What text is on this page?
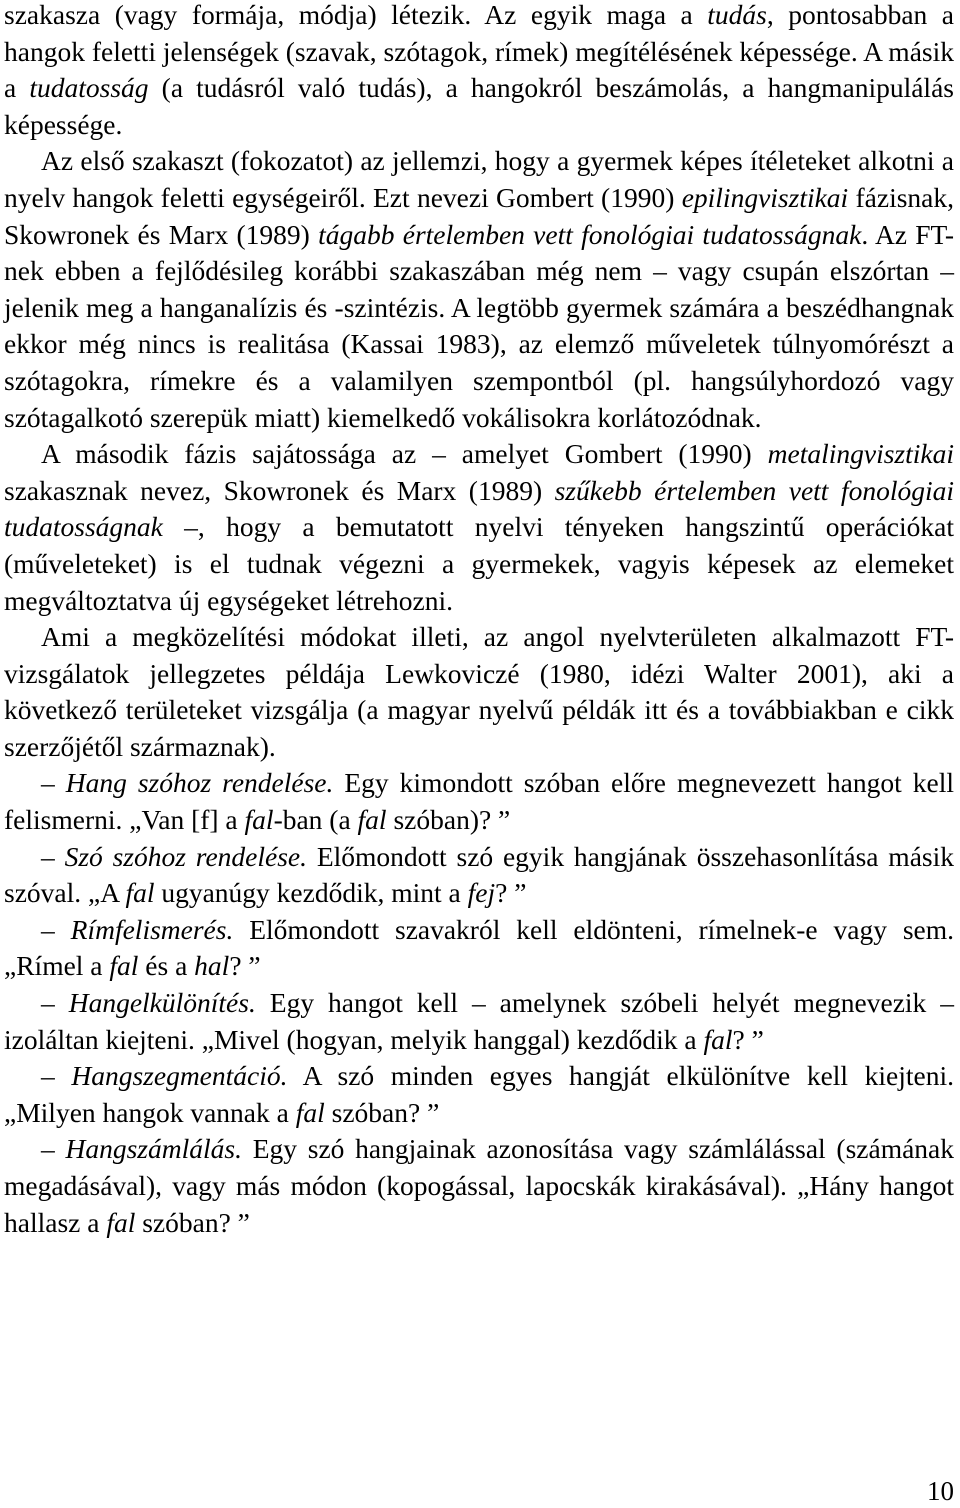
szakasza (vagy formája, módja) létezik. Az egyik maga a tudás, pontosabban a hangok feletti jelenségek (szavak, szótagok, rímek) megítélésének képessége. A másik a tudatosság (a tudásról való tudás), a hangokról beszámolás, a hangmanipulálás képessége.

Az első szakaszt (fokozatot) az jellemzi, hogy a gyermek képes ítéleteket alkotni a nyelv hangok feletti egységeiről. Ezt nevezi Gombert (1990) epilingvisztikai fázisnak, Skowronek és Marx (1989) tágabb értelemben vett fonológiai tudatosságnak. Az FT-nek ebben a fejlődésileg korábbi szakaszában még nem – vagy csupán elszórtan – jelenik meg a hanganalízis és -szintézis. A legtöbb gyermek számára a beszédhangnak ekkor még nincs is realitása (Kassai 1983), az elemző műveletek túlnyomórészt a szótagokra, rímekre és a valamilyen szempontból (pl. hangsúlyhordozó vagy szótagalkotó szerepük miatt) kiemelkedő vokálisokra korlátozódnak.

A második fázis sajátossága az – amelyet Gombert (1990) metalingvisztikai szakasznak nevez, Skowronek és Marx (1989) szűkebb értelemben vett fonológiai tudatosságnak –, hogy a bemutatott nyelvi tényeken hangszintű operációkat (műveleteket) is el tudnak végezni a gyermekek, vagyis képesek az elemeket megváltoztatva új egységeket létrehozni.

Ami a megközelítési módokat illeti, az angol nyelvterületen alkalmazott FT-vizsgálatok jellegzetes példája Lewkoviczé (1980, idézi Walter 2001), aki a következő területeket vizsgálja (a magyar nyelvű példák itt és a továbbiakban e cikk szerzőjétől származnak).

– Hang szóhoz rendelése. Egy kimondott szóban előre megnevezett hangot kell felismerni. „Van [f] a fal-ban (a fal szóban)? ”

– Szó szóhoz rendelése. Előmondott szó egyik hangjának összehasonlítása másik szóval. „A fal ugyanúgy kezdődik, mint a fej? ”

– Rímfelismerés. Előmondott szavakról kell eldönteni, rímelnek-e vagy sem. „Rímel a fal és a hal? ”

– Hangelkülönítés. Egy hangot kell – amelynek szóbeli helyét megnevezik – izoláltan kiejteni. „Mivel (hogyan, melyik hanggal) kezdődik a fal? ”

– Hangszegmentáció. A szó minden egyes hangját elkülönítve kell kiejteni. „Milyen hangok vannak a fal szóban? ”

– Hangszámlálás. Egy szó hangjainak azonosítása vagy számlálással (számának megadásával), vagy más módon (kopogással, lapocskák kirakásával). „Hány hangot hallasz a fal szóban? ”

10
